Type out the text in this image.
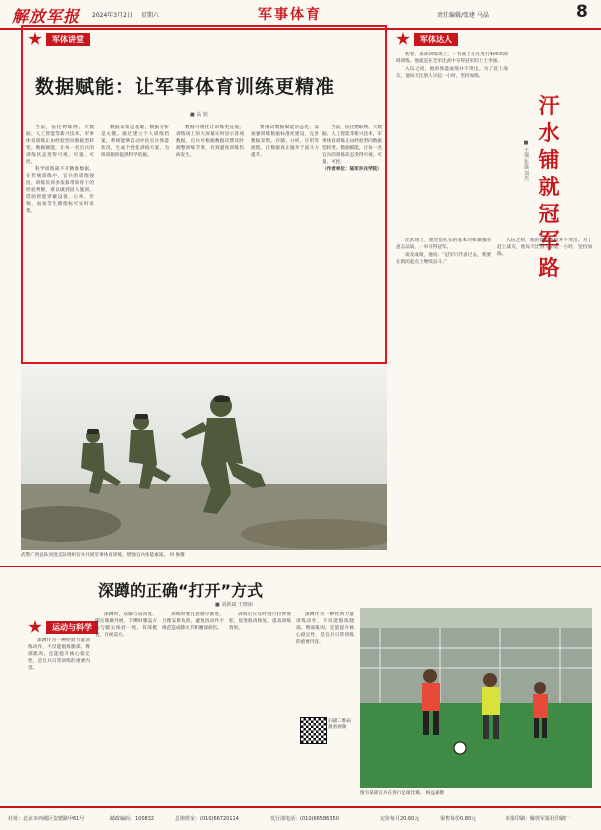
解放军报 2024年3月2日 星期六	军事体育	责任编辑/张建 马晶	8
军体讲堂
数据赋能：让军事体育训练更精准
■ 高 铭

当前，依托物联网、大数据、人工智能等新兴技术，军事体育训练正由经验型向数据型转变。数据赋能，让每一名官兵的训练状态变得可视、可量、可控。

科学训练离不开精准数据。在传统训练中，官兵的训练强度、训练负荷多依靠带训骨干的经验判断，难以做到因人施训。借助智能穿戴设备，心率、步频、血氧等生理指标可实时采集。

数据采集是基础，数据分析是关键。通过建立个人训练档案，系统能够自动评估官兵体能状况，生成个性化训练方案，为组训施训提供科学依据。

数据可视化让训练更直观。训练场上的大屏幕实时显示各项数据，官兵可根据数据反馈及时调整训练节奏，有效避免训练伤病发生。

要推动数据赋能常态化，需加强训练数据标准化建设，完善数据采集、存储、分析、应用等流程，让数据真正服务于战斗力提升。

当前，依托物联网、大数据、人工智能等新兴技术，军事体育训练正由经验型向数据型转变。数据赋能，让每一名官兵的训练状态变得可视、可量、可控。

（作者单位：陆军步兵学院）

武警广西总队河池支队组织官兵开展军事体育训练，增强官兵体能素质。 何 俊摄
军体达人
汗水铺就冠军路
■ 王强 张磊 刘杰

初春，某部训练场上，一名战士正在进行400米障碍训练。他就是在全军比武中夺得冠军的上士李强。

入伍之初，他的体能成绩并不突出。为了赶上战友，他每天比别人早起一小时，坚持加练。

比武场上，他凭借扎实的基本功和顽强的意志品质，一举夺得冠军。

谈及成绩，他说：“冠军只代表过去，我要在新的起点上继续奋斗。”

入伍之初，他的体能成绩并不突出。为了赶上战友，他每天比别人早起一小时，坚持加练。

深蹲的正确“打开”方式
■ 刘新斌 王晓丽
运动与科学

深蹲作为一种经典力量训练动作，不仅能锻炼腿部、臀部肌肉，还能提升核心稳定性，是官兵日常训练的重要内容。

深蹲时，双脚与肩同宽，脚尖微微外展，下蹲时膝盖方向与脚尖保持一致，背部挺直，目视前方。

训练时要注意循序渐进，合理安排负荷，避免因动作不规范造成膝关节和腰部损伤。

训练后应及时进行拉伸放松，促进肌肉恢复，提高训练效果。

深蹲作为一种经典力量训练动作，不仅能锻炼腿部、臀部肌肉，还能提升核心稳定性，是官兵日常训练的重要内容。

扫描二维码 观看视频
图为某部官兵在进行足球比赛。 杨益嘉摄
社址：北京市西城区安德路甲61号	邮政编码：100832	总值班室：(010)66720114	发行部电话：(010)66586350	定价每月20.60元	零售每份0.80元	本报印刷：解放军报社印刷厂
